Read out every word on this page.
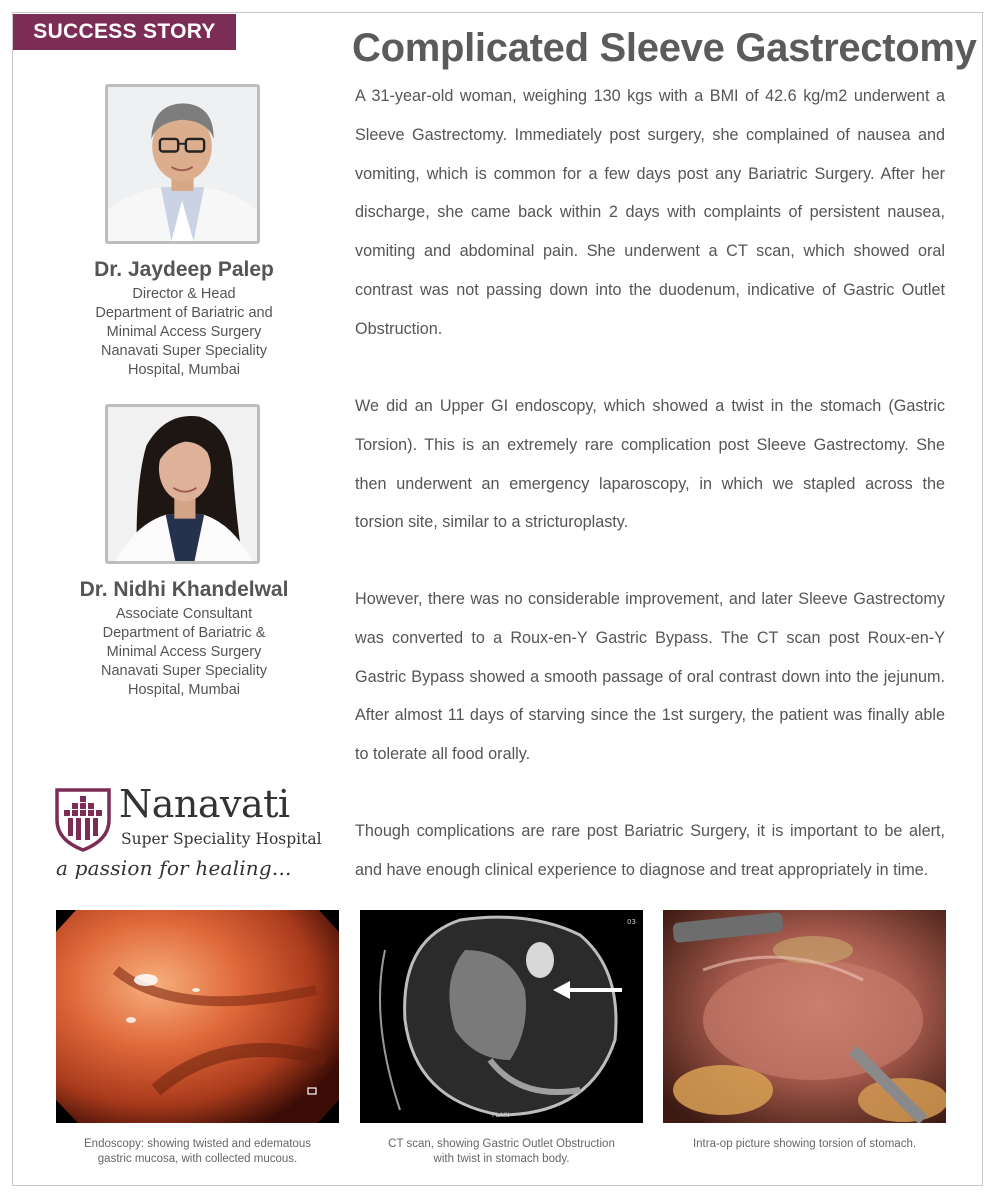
SUCCESS STORY	Complicated Sleeve Gastrectomy
Dr. Jaydeep Palep
Director & Head
Department of Bariatric and
Minimal Access Surgery
Nanavati Super Speciality
Hospital, Mumbai
Dr. Nidhi Khandelwal
Associate Consultant
Department of Bariatric &
Minimal Access Surgery
Nanavati Super Speciality
Hospital, Mumbai

A 31-year-old woman, weighing 130 kgs with a BMI of 42.6 kg/m2 underwent a Sleeve Gastrectomy. Immediately post surgery, she complained of nausea and vomiting, which is common for a few days post any Bariatric Surgery. After her discharge, she came back within 2 days with complaints of persistent nausea, vomiting and abdominal pain. She underwent a CT scan, which showed oral contrast was not passing down into the duodenum, indicative of Gastric Outlet Obstruction.

We did an Upper GI endoscopy, which showed a twist in the stomach (Gastric Torsion). This is an extremely rare complication post Sleeve Gastrectomy. She then underwent an emergency laparoscopy, in which we stapled across the torsion site, similar to a stricturoplasty.

However, there was no considerable improvement, and later Sleeve Gastrectomy was converted to a Roux-en-Y Gastric Bypass. The CT scan post Roux-en-Y Gastric Bypass showed a smooth passage of oral contrast down into the jejunum. After almost 11 days of starving since the 1st surgery, the patient was finally able to tolerate all food orally.

Though complications are rare post Bariatric Surgery, it is important to be alert, and have enough clinical experience to diagnose and treat appropriately in time.

Nanavati
Super Speciality Hospital
a passion for healing...
03
PLAIN
Endoscopy: showing twisted and edematous
gastric mucosa, with collected mucous.
CT scan, showing Gastric Outlet Obstruction
with twist in stomach body.
Intra-op picture showing torsion of stomach.
